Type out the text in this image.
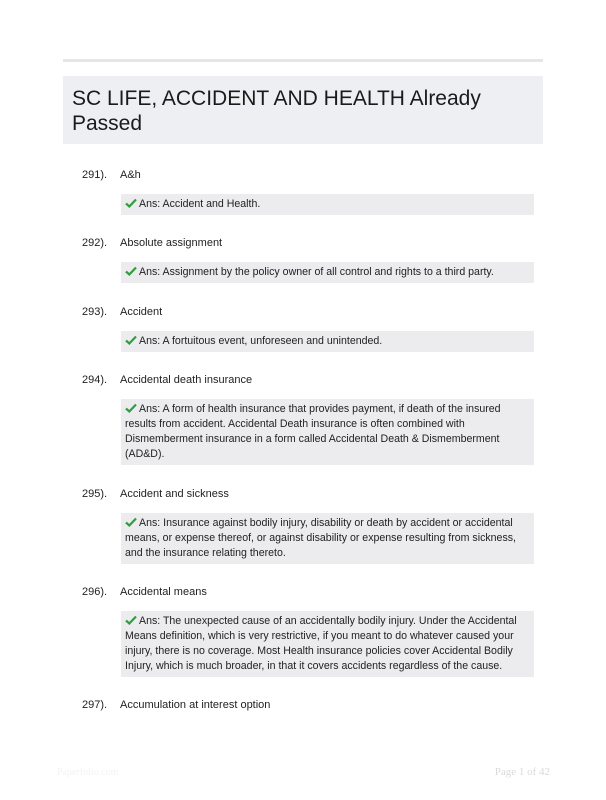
SC LIFE, ACCIDENT AND HEALTH Already Passed
291). A&h
Ans: Accident and Health.
292). Absolute assignment
Ans: Assignment by the policy owner of all control and rights to a third party.
293). Accident
Ans: A fortuitous event, unforeseen and unintended.
294). Accidental death insurance
Ans: A form of health insurance that provides payment, if death of the insured results from accident. Accidental Death insurance is often combined with Dismemberment insurance in a form called Accidental Death & Dismemberment (AD&D).
295). Accident and sickness
Ans: Insurance against bodily injury, disability or death by accident or accidental means, or expense thereof, or against disability or expense resulting from sickness, and the insurance relating thereto.
296). Accidental means
Ans: The unexpected cause of an accidentally bodily injury. Under the Accidental Means definition, which is very restrictive, if you meant to do whatever caused your injury, there is no coverage. Most Health insurance policies cover Accidental Bodily Injury, which is much broader, in that it covers accidents regardless of the cause.
297). Accumulation at interest option
Paperfolio.com	Page 1 of 42
